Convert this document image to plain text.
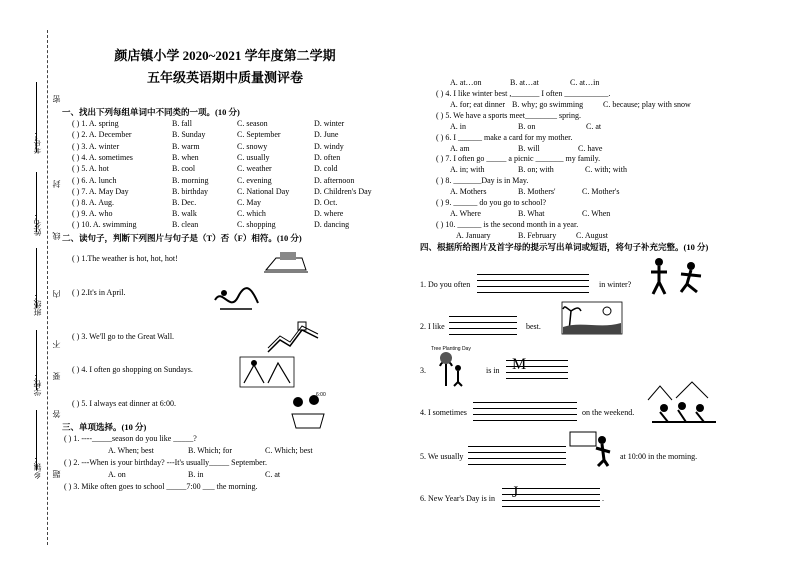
颜店镇小学 2020~2021 学年度第二学期
五年级英语期中质量测评卷
考号：
姓名：
班级：
学校：
乡镇：
密
封
线
内
不
要
答
题
一、找出下列每组单词中不同类的一项。(10 分)
( ) 1. A. spring	B. fall	C. season	D. winter
( ) 2. A. December	B. Sunday	C. September	D. June
( ) 3. A. winter	B. warm	C. snowy	D. windy
( ) 4. A. sometimes	B. when	C. usually	D. often
( ) 5. A. hot	B. cool	C. weather	D. cold
( ) 6. A. lunch	B. morning	C. evening	D. afternoon
( ) 7. A. May Day	B. birthday	C. National Day	D. Children's Day
( ) 8. A. Aug.	B. Dec.	C. May	D. Oct.
( ) 9. A. who	B. walk	C. which	D. where
( ) 10. A. swimming	B. clean	C. shopping	D. dancing
二、读句子，判断下列图片与句子是（T）否（F）相符。(10 分)
( ) 1.The weather is hot, hot, hot!
( ) 2.It's in April.
( ) 3. We'll go to the Great Wall.
( ) 4. I often go shopping on Sundays.
( ) 5. I always eat dinner at 6:00.
6:00
三、单项选择。(10 分)
( ) 1. ----_____season do you like _____?
A. When; best	B. Which; for	C. Which; best
( ) 2. ---When is your birthday? ---It's usually_____ September.
A. on	B. in	C. at
( ) 3. Mike often goes to school _____7:00 ___ the morning.
A. at…on	B. at…at	C. at…in
( ) 4. I like winter best ,_______ I often ___________.
A. for; eat dinner B. why; go swimming C. because; play with snow
( ) 5. We have a sports meet________ spring.
A. in	B. on	C. at
( ) 6. I ______ make a card for my mother.
A. am	B. will	C. have
( ) 7. I often go _____ a picnic _______ my family.
A. in; with	B. on; with	C. with; with
( ) 8. _______Day is in May.
A. Mothers	B. Mothers'	C. Mother's
( ) 9. ______ do you go to school?
A. Where	B. What	C. When
( ) 10. ______ is the second month in a year.
A. January	B. February C. August
四、根据所给图片及首字母的提示写出单词或短语，将句子补充完整。(10 分)
1. Do you often	in winter?
2. I like	best.
3.
Tree Planting Day
is in M
4. I sometimes	on the weekend.
5. We usually	at 10:00 in the morning.
6. New Year's Day is in J	.
